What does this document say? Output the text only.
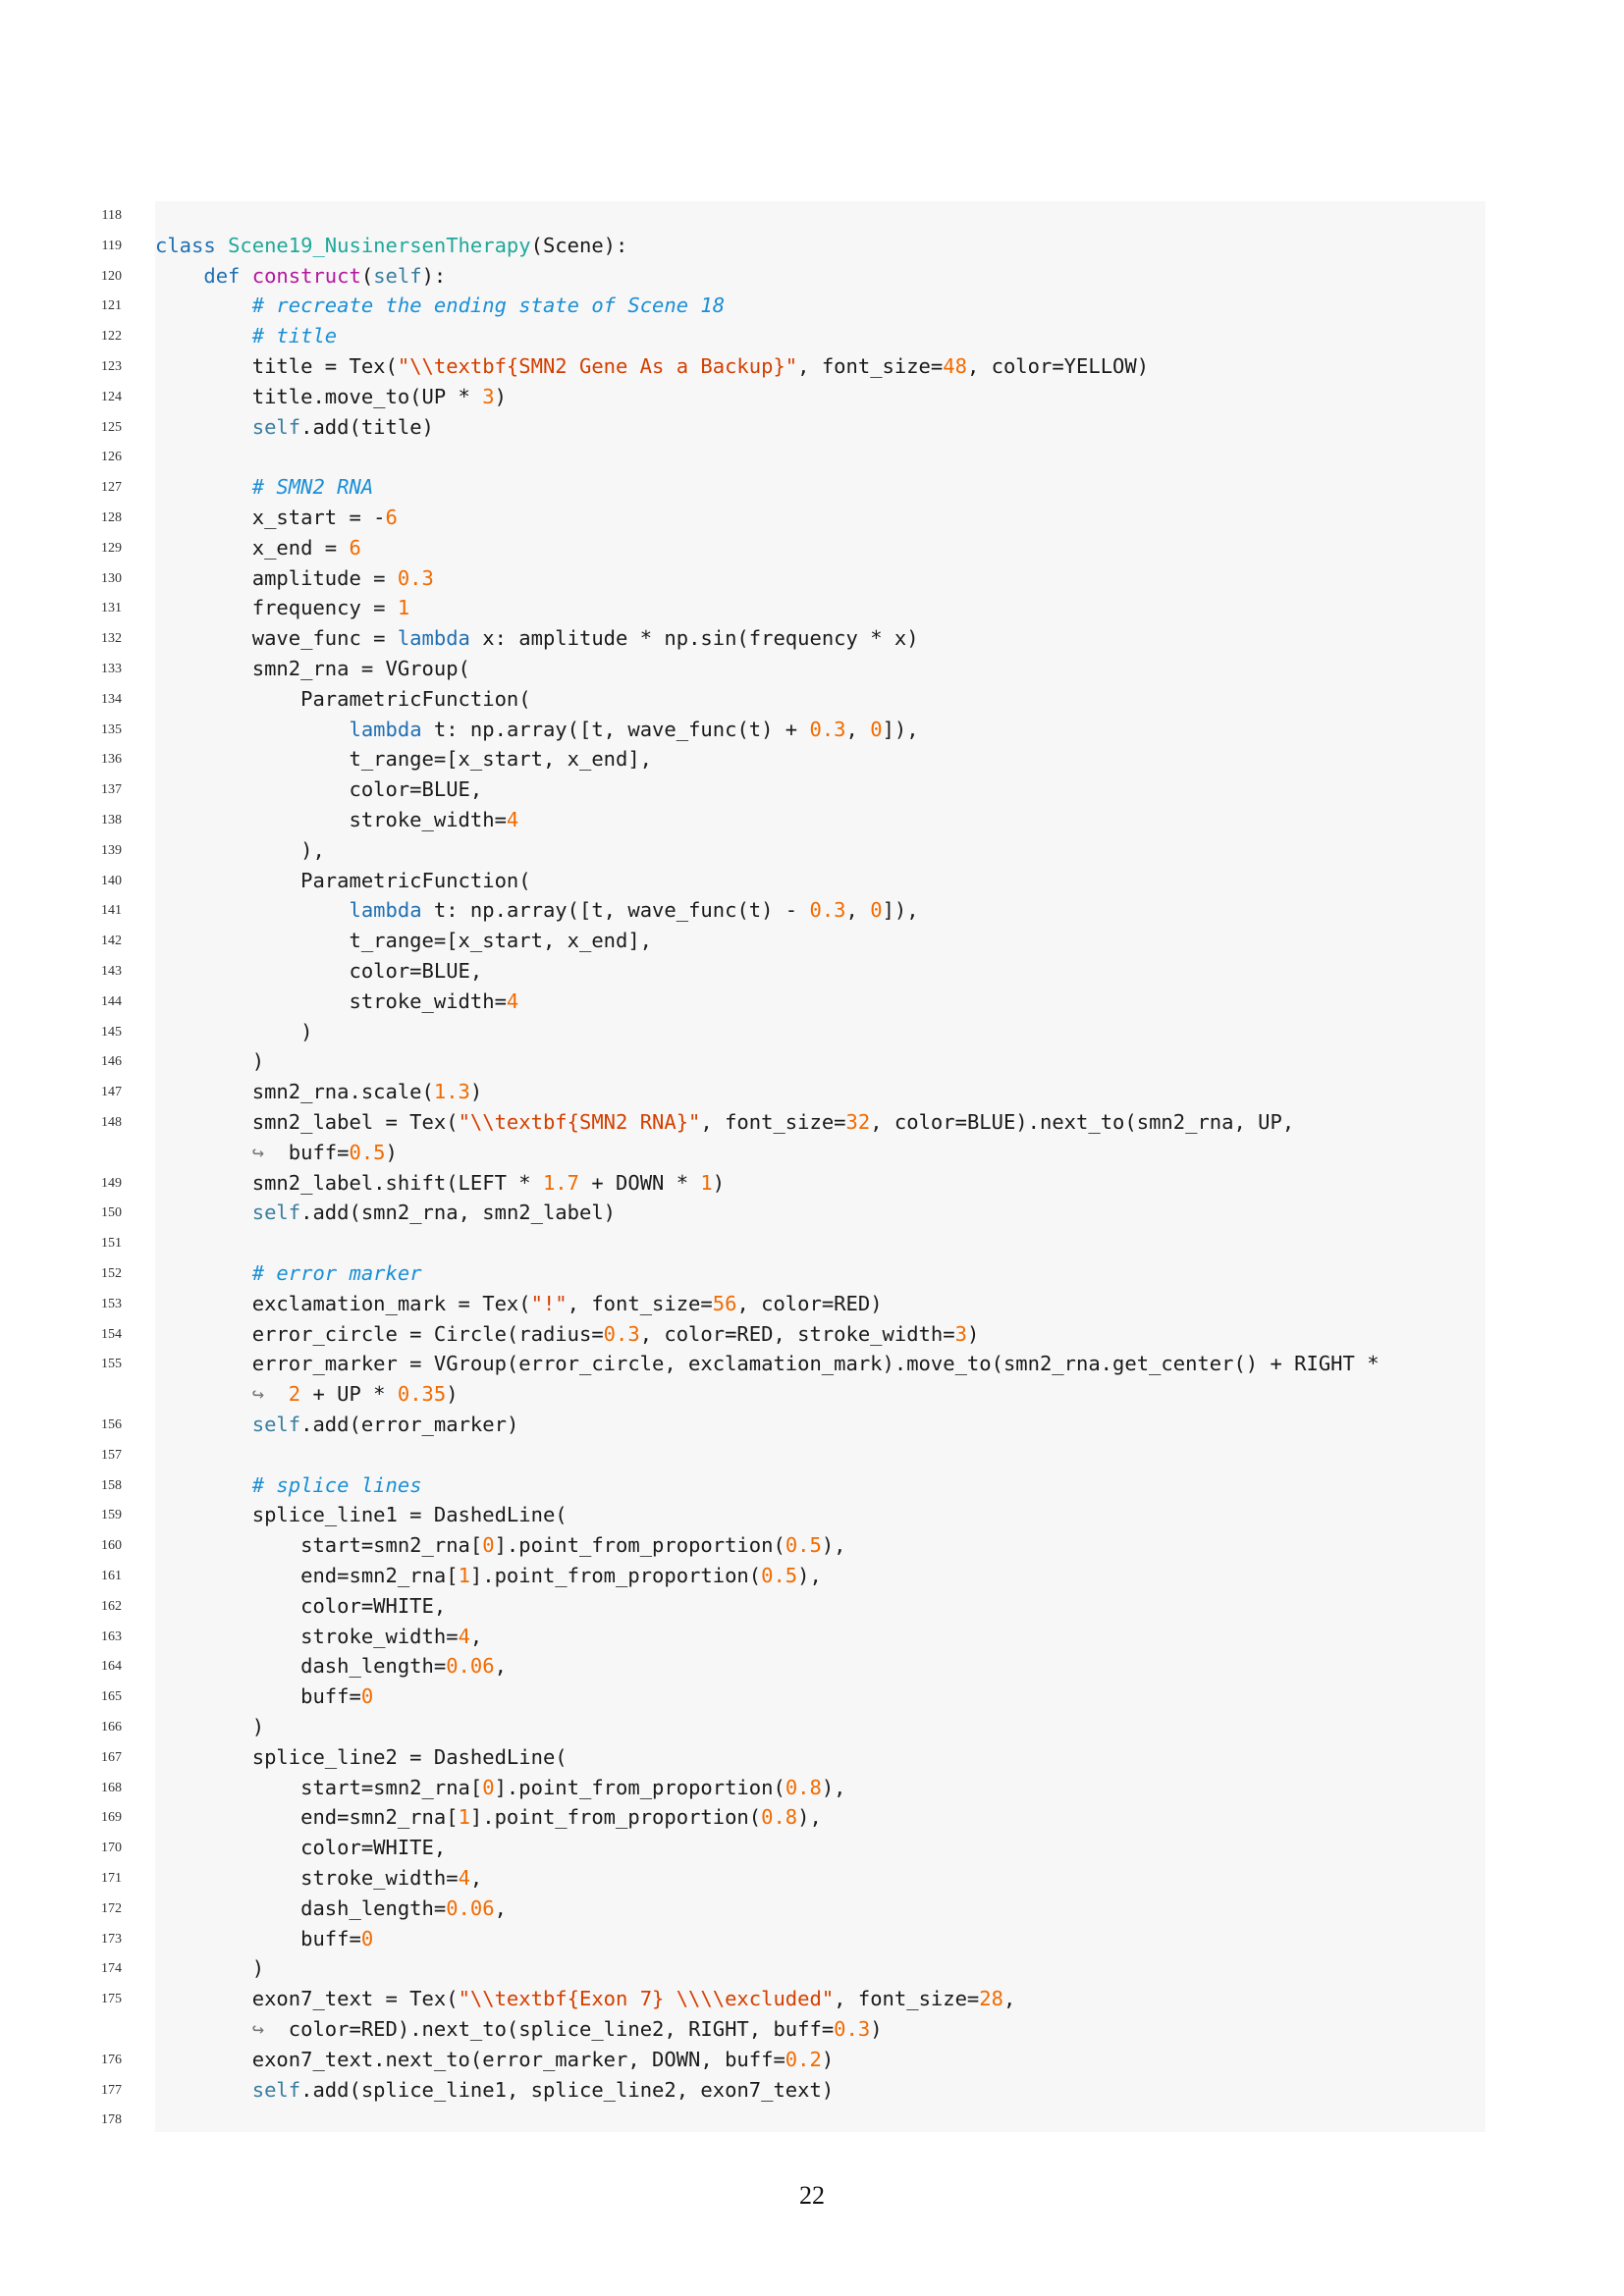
118
119 class Scene19_NusinersenTherapy(Scene):
120	def construct(self):
121	# recreate the ending state of Scene 18
122	# title
123 title = Tex("\\textbf{SMN2 Gene As a Backup}", font_size=48, color=YELLOW)
124 title.move_to(UP * 3)
125	self.add(title)
126
127	# SMN2 RNA
128 x_start = -6
129 x_end = 6
130 amplitude = 0.3
131 frequency = 1
132 wave_func = lambda x: amplitude * np.sin(frequency * x)
133 smn2_rna = VGroup(
134 ParametricFunction(
135	lambda t: np.array([t, wave_func(t) + 0.3, 0]),
136 t_range=[x_start, x_end],
137 color=BLUE,
138 stroke_width=4
139 ),
140 ParametricFunction(
141	lambda t: np.array([t, wave_func(t) - 0.3, 0]),
142 t_range=[x_start, x_end],
143 color=BLUE,
144 stroke_width=4
145 )
146 )
147 smn2_rna.scale(1.3)
148 smn2_label = Tex("\\textbf{SMN2 RNA}", font_size=32, color=BLUE).next_to(smn2_rna, UP,
↪  buff=0.5)
149 smn2_label.shift(LEFT * 1.7 + DOWN * 1)
150	self.add(smn2_rna, smn2_label)
151
152	# error marker
153 exclamation_mark = Tex("!", font_size=56, color=RED)
154 error_circle = Circle(radius=0.3, color=RED, stroke_width=3)
155 error_marker = VGroup(error_circle, exclamation_mark).move_to(smn2_rna.get_center() + RIGHT *
↪ 2 + UP * 0.35)
156	self.add(error_marker)
157
158	# splice lines
159 splice_line1 = DashedLine(
160 start=smn2_rna[0].point_from_proportion(0.5),
161 end=smn2_rna[1].point_from_proportion(0.5),
162 color=WHITE,
163 stroke_width=4,
164 dash_length=0.06,
165 buff=0
166 )
167 splice_line2 = DashedLine(
168 start=smn2_rna[0].point_from_proportion(0.8),
169 end=smn2_rna[1].point_from_proportion(0.8),
170 color=WHITE,
171 stroke_width=4,
172 dash_length=0.06,
173 buff=0
174 )
175 exon7_text = Tex("\\textbf{Exon 7} \\\\excluded", font_size=28,
↪  color=RED).next_to(splice_line2, RIGHT, buff=0.3)
176 exon7_text.next_to(error_marker, DOWN, buff=0.2)
177	self.add(splice_line1, splice_line2, exon7_text)
178
22
